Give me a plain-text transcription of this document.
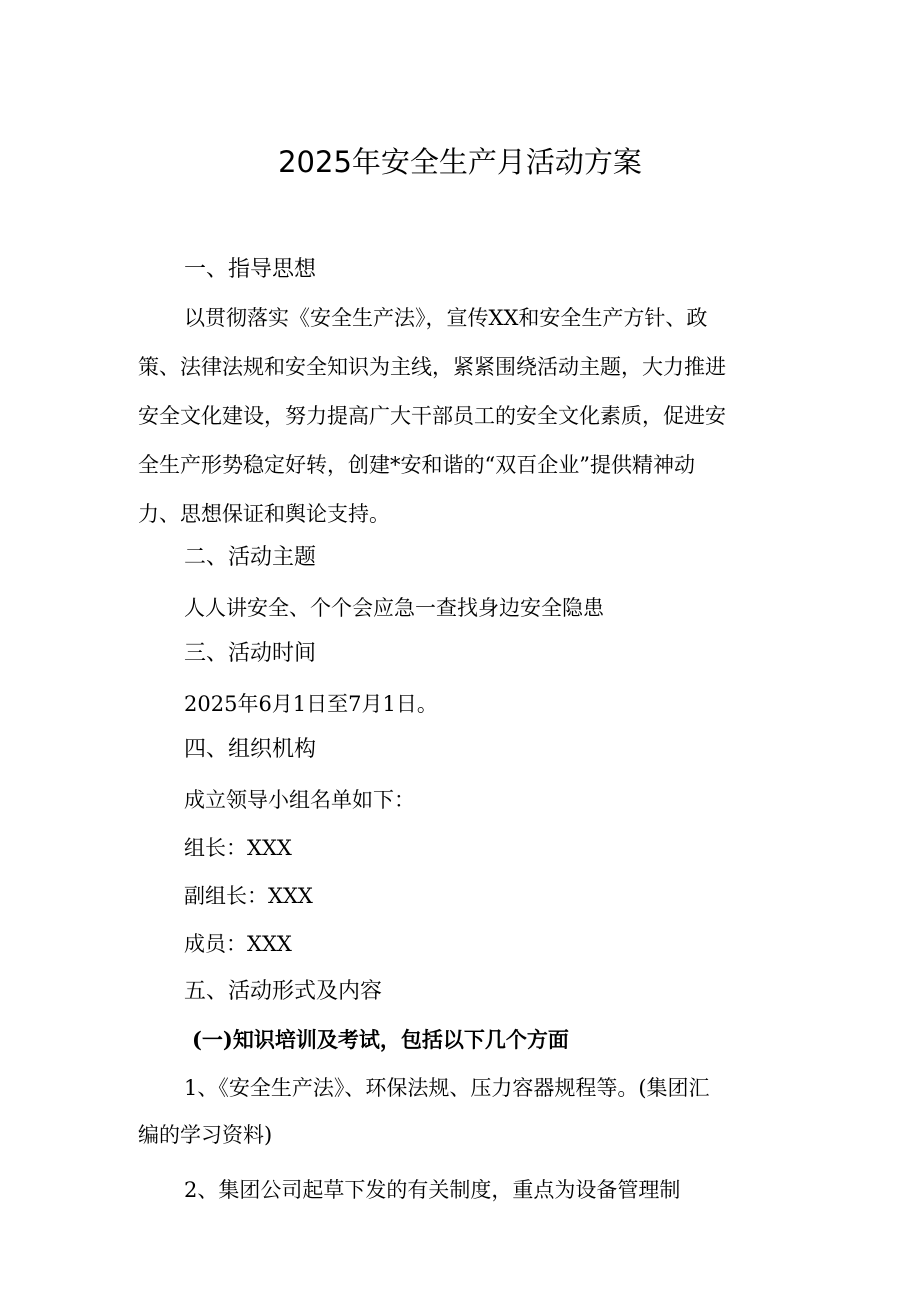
2025年安全生产月活动方案
一、指导思想
以贯彻落实《安全生产法》，宣传XX和安全生产方针、政
策、法律法规和安全知识为主线，紧紧围绕活动主题，大力推进
安全文化建设，努力提高广大干部员工的安全文化素质，促进安
全生产形势稳定好转，创建*安和谐的“双百企业”提供精神动
力、思想保证和舆论支持。
二、活动主题
人人讲安全、个个会应急一查找身边安全隐患
三、活动时间
2025年6月1日至7月1日。
四、组织机构
成立领导小组名单如下：
组长：XXX
副组长：XXX
成员：XXX
五、活动形式及内容
(一)知识培训及考试，包括以下几个方面
1、《安全生产法》、环保法规、压力容器规程等。(集团汇
编的学习资料)
2、集团公司起草下发的有关制度，重点为设备管理制
